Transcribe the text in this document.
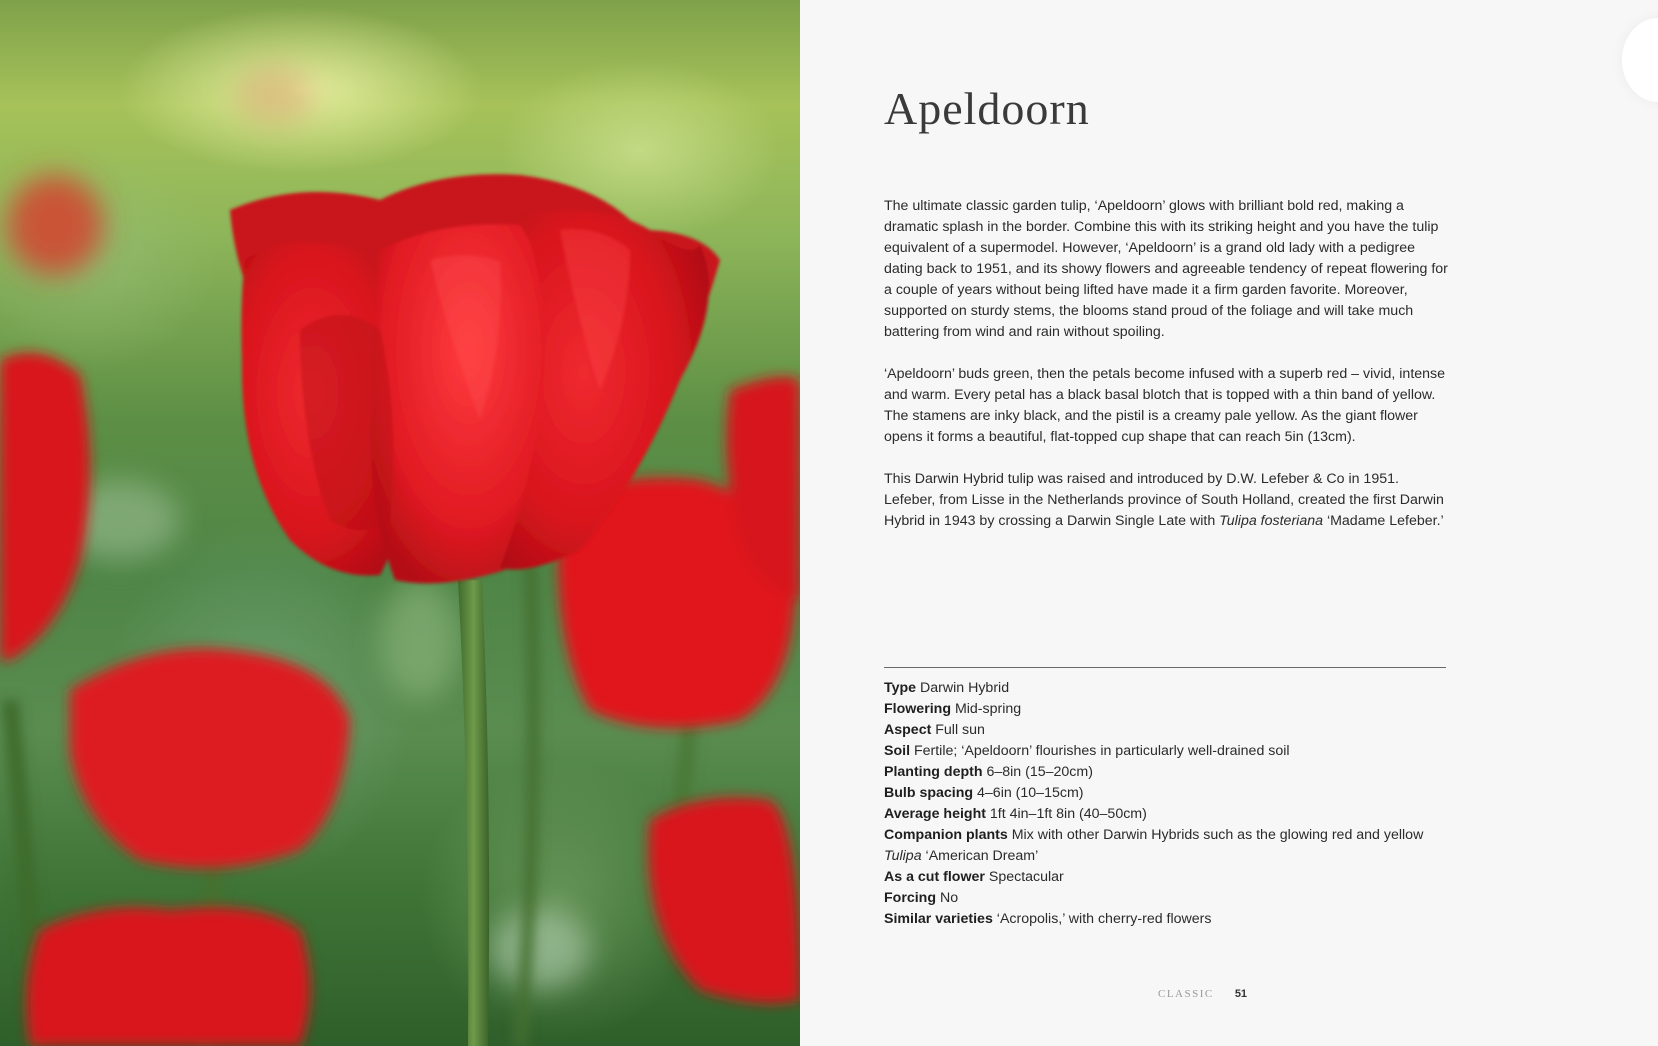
Apeldoorn

The ultimate classic garden tulip, ‘Apeldoorn’ glows with brilliant bold red, making a dramatic splash in the border. Combine this with its striking height and you have the tulip equivalent of a supermodel. However, ‘Apeldoorn’ is a grand old lady with a pedigree dating back to 1951, and its showy flowers and agreeable tendency of repeat flowering for a couple of years without being lifted have made it a firm garden favorite. Moreover, supported on sturdy stems, the blooms stand proud of the foliage and will take much battering from wind and rain without spoiling.

‘Apeldoorn’ buds green, then the petals become infused with a superb red – vivid, intense and warm. Every petal has a black basal blotch that is topped with a thin band of yellow. The stamens are inky black, and the pistil is a creamy pale yellow. As the giant flower opens it forms a beautiful, flat-topped cup shape that can reach 5in (13cm).

This Darwin Hybrid tulip was raised and introduced by D.W. Lefeber & Co in 1951. Lefeber, from Lisse in the Netherlands province of South Holland, created the first Darwin Hybrid in 1943 by crossing a Darwin Single Late with Tulipa fosteriana ‘Madame Lefeber.’

Type Darwin Hybrid

Flowering Mid-spring

Aspect Full sun

Soil Fertile; ‘Apeldoorn’ flourishes in particularly well-drained soil

Planting depth 6–8in (15–20cm)

Bulb spacing 4–6in (10–15cm)

Average height 1ft 4in–1ft 8in (40–50cm)

Companion plants Mix with other Darwin Hybrids such as the glowing red and yellow Tulipa ‘American Dream’

As a cut flower Spectacular

Forcing No

Similar varieties ‘Acropolis,’ with cherry-red flowers

CLASSIC 51
